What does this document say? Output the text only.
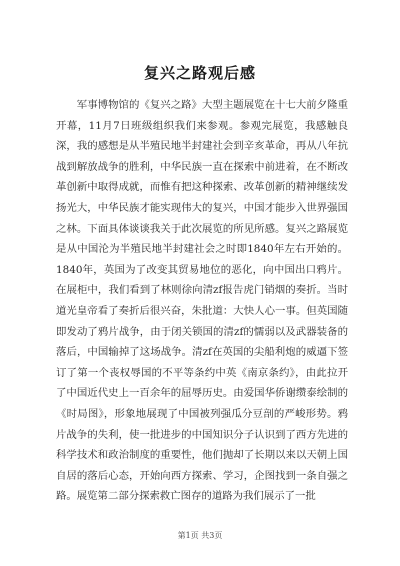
复兴之路观后感

军事博物馆的《复兴之路》大型主题展览在十七大前夕隆重开幕，11月7日班级组织我们来参观。参观完展览，我感触良深，我的感想是从半殖民地半封建社会到辛亥革命，再从八年抗战到解放战争的胜利，中华民族一直在探索中前进着，在不断改革创新中取得成就，而惟有把这种探索、改革创新的精神继续发扬光大，中华民族才能实现伟大的复兴，中国才能步入世界强国之林。下面具体谈谈我关于此次展览的所见所感。复兴之路展览是从中国沦为半殖民地半封建社会之时即1840年左右开始的。1840年，英国为了改变其贸易地位的恶化，向中国出口鸦片。在展柜中，我们看到了林则徐向清zf报告虎门销烟的奏折。当时道光皇帝看了奏折后很兴奋，朱批道：大快人心一事。但英国随即发动了鸦片战争，由于闭关锁国的清zf的懦弱以及武器装备的落后，中国输掉了这场战争。清zf在英国的尖船利炮的威逼下签订了第一个丧权辱国的不平等条约中英《南京条约》，由此拉开了中国近代史上一百余年的屈辱历史。由爱国华侨谢缵泰绘制的《时局图》，形象地展现了中国被列强瓜分豆剖的严峻形势。鸦片战争的失利，使一批进步的中国知识分子认识到了西方先进的科学技术和政治制度的重要性，他们抛却了长期以来以天朝上国自居的落后心态，开始向西方探索、学习，企图找到一条自强之路。展览第二部分探索救亡图存的道路为我们展示了一批

第1页 共3页
